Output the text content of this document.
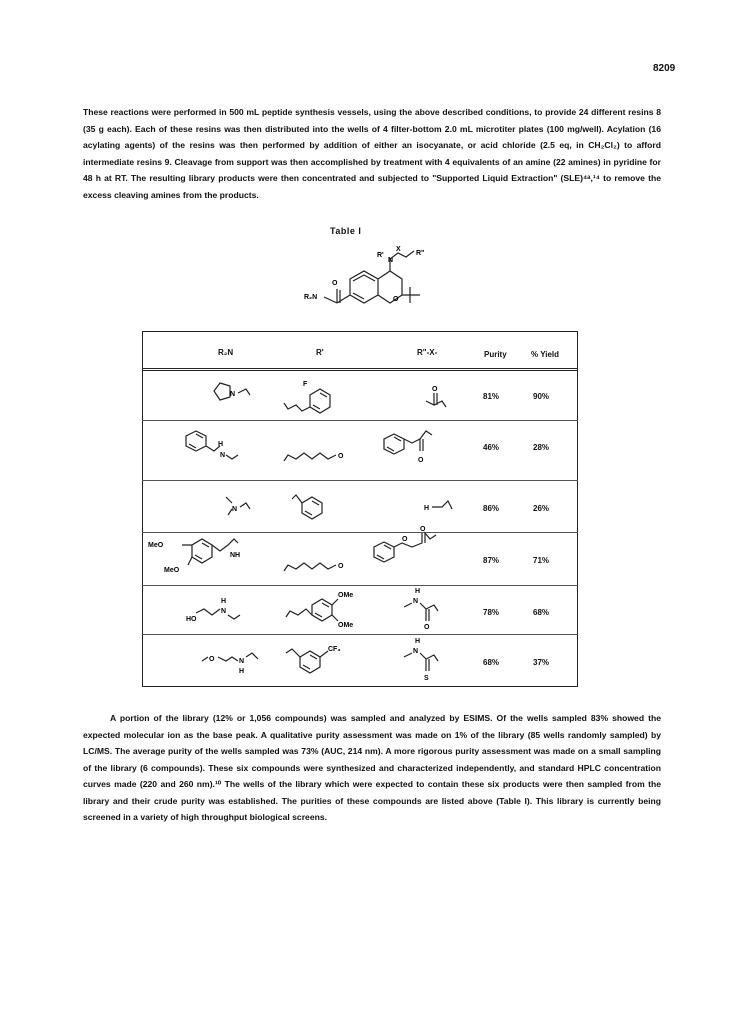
8209

These reactions were performed in 500 mL peptide synthesis vessels, using the above described conditions, to provide 24 different resins 8 (35 g each). Each of these resins was then distributed into the wells of 4 filter-bottom 2.0 mL microtiter plates (100 mg/well). Acylation (16 acylating agents) of the resins was then performed by addition of either an isocyanate, or acid chloride (2.5 eq, in CH₂Cl₂) to afford intermediate resins 9. Cleavage from support was then accomplished by treatment with 4 equivalents of an amine (22 amines) in pyridine for 48 h at RT. The resulting library products were then concentrated and subjected to "Supported Liquid Extraction" (SLE)⁴ᵃ,¹⁴ to remove the excess cleaving amines from the products.

Table I
O
R₂N	O
R'
N
X
R"
R₂N	R'	R"-X-	Purity	% Yield
81%	90%
46%	28%
86%	26%
87%	71%
78%	68%
68%	37%
N
F
O
H
N	O
O
N	H
MeO
MeO
NH
O
O
O
HO
H
N
OMe
OMe
H
N
O
O	N
H
CF₃
H
N
S

A portion of the library (12% or 1,056 compounds) was sampled and analyzed by ESIMS. Of the wells sampled 83% showed the expected molecular ion as the base peak. A qualitative purity assessment was made on 1% of the library (85 wells randomly sampled) by LC/MS. The average purity of the wells sampled was 73% (AUC, 214 nm). A more rigorous purity assessment was made on a small sampling of the library (6 compounds). These six compounds were synthesized and characterized independently, and standard HPLC concentration curves made (220 and 260 nm).¹⁰ The wells of the library which were expected to contain these six products were then sampled from the library and their crude purity was established. The purities of these compounds are listed above (Table I). This library is currently being screened in a variety of high throughput biological screens.
